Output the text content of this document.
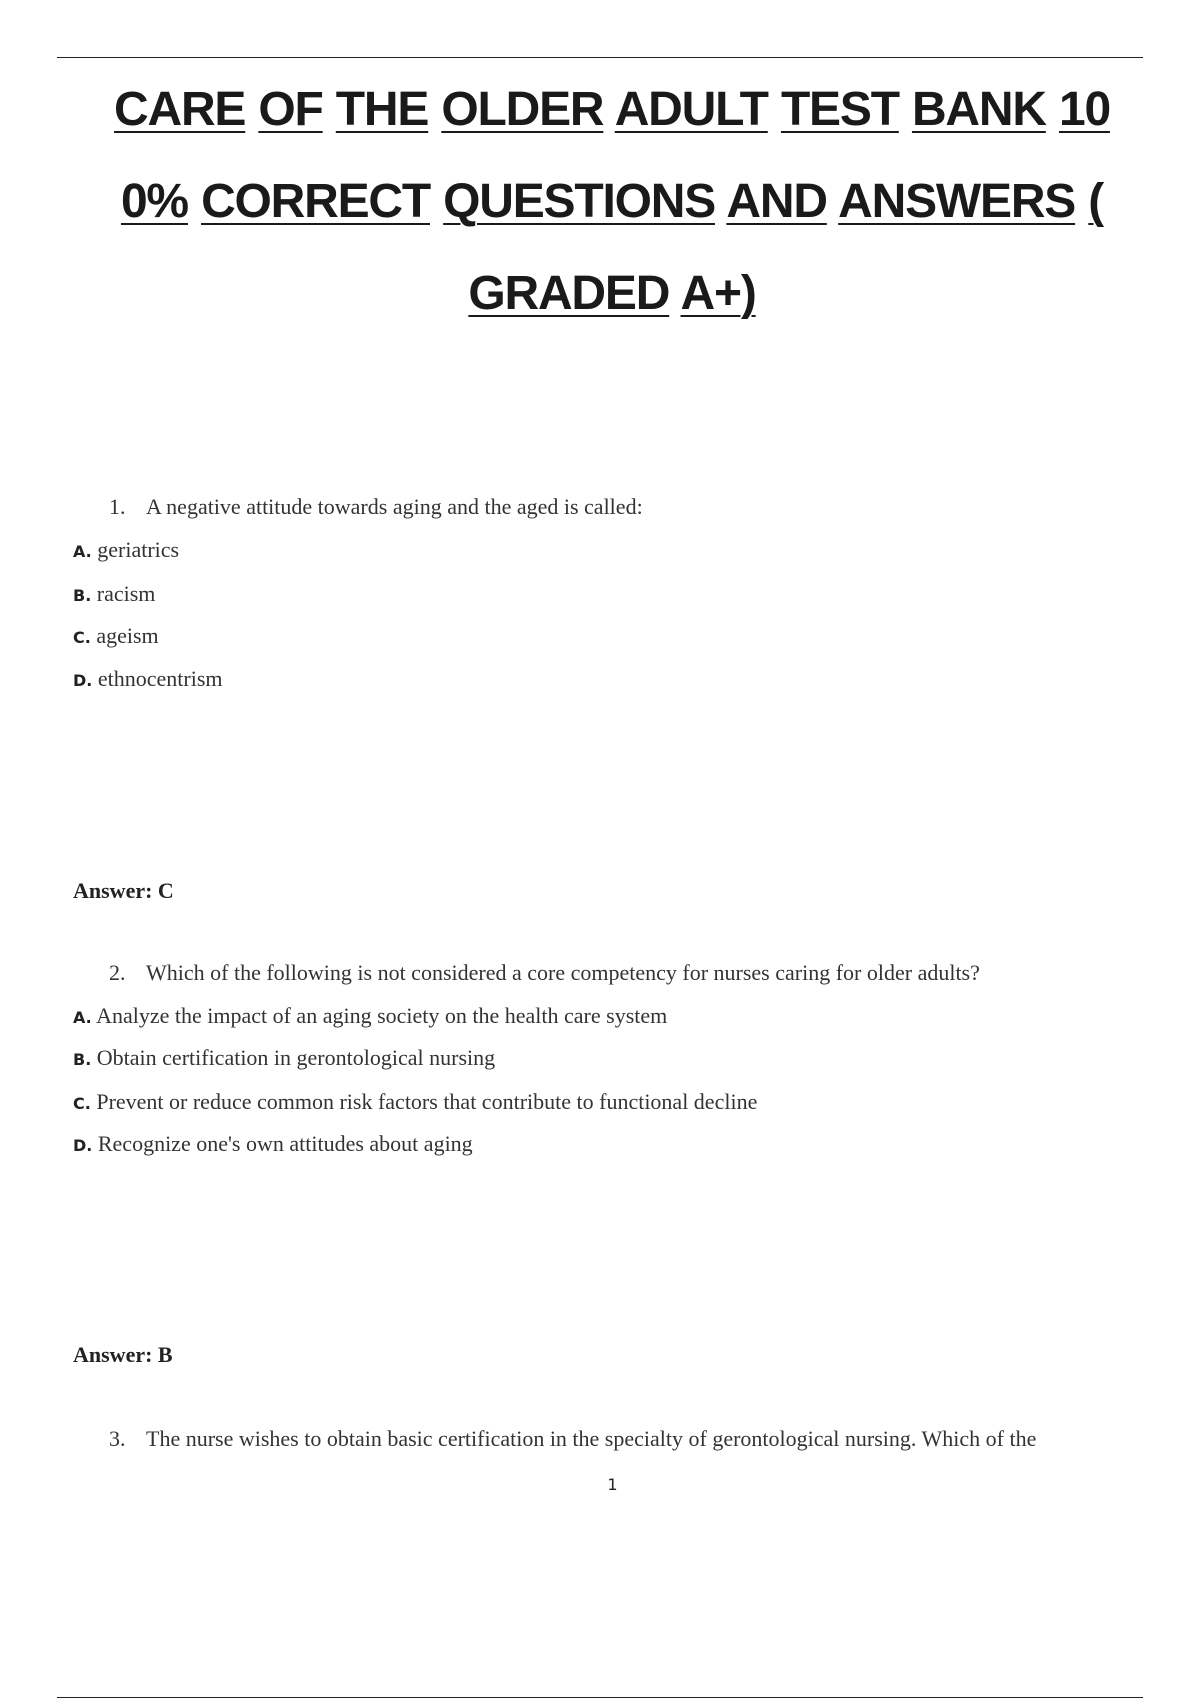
CARE OF THE OLDER ADULT TEST BANK 10
0% CORRECT QUESTIONS AND ANSWERS (
GRADED A+)
1. A negative attitude towards aging and the aged is called:
A. geriatrics
B. racism
C. ageism
D. ethnocentrism
Answer: C
2. Which of the following is not considered a core competency for nurses caring for older adults?
A. Analyze the impact of an aging society on the health care system
B. Obtain certification in gerontological nursing
C. Prevent or reduce common risk factors that contribute to functional decline
D. Recognize one's own attitudes about aging
Answer: B
3. The nurse wishes to obtain basic certification in the specialty of gerontological nursing. Which of the
1
